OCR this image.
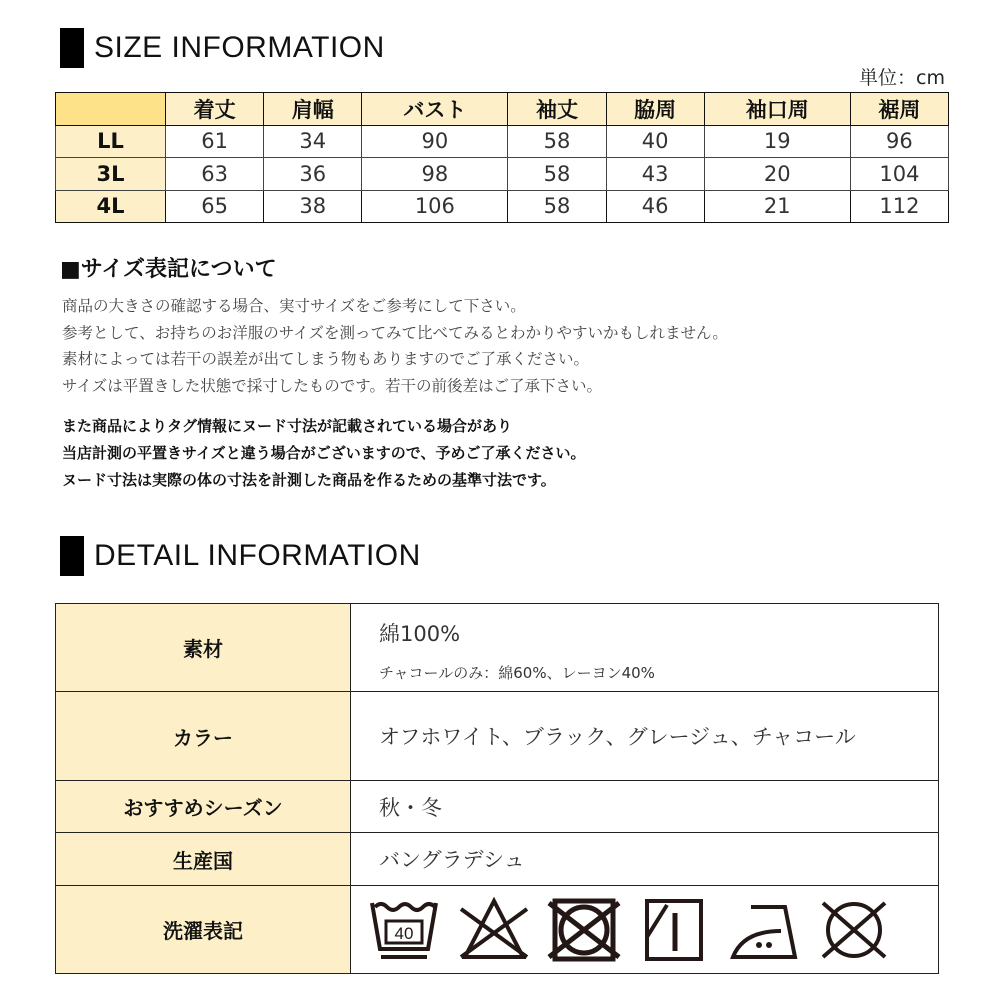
SIZE INFORMATION
単位：cm
	着丈	肩幅	バスト	袖丈	脇周	袖口周	裾周
LL	61	34	90	58	40	19	96
3L	63	36	98	58	43	20	104
4L	65	38	106	58	46	21	112
■サイズ表記について
商品の大きさの確認する場合、実寸サイズをご参考にして下さい。
参考として、お持ちのお洋服のサイズを測ってみて比べてみるとわかりやすいかもしれません。
素材によっては若干の誤差が出てしまう物もありますのでご了承ください。
サイズは平置きした状態で採寸したものです。若干の前後差はご了承下さい。
また商品によりタグ情報にヌード寸法が記載されている場合があり
当店計測の平置きサイズと違う場合がございますので、予めご了承ください。
ヌード寸法は実際の体の寸法を計測した商品を作るための基準寸法です。
DETAIL INFORMATION
素材	綿100%
チャコールのみ：綿60%、レーヨン40%

カラー	オフホワイト、ブラック、グレージュ、チャコール
おすすめシーズン	秋・冬
生産国	バングラデシュ
洗濯表記	40
